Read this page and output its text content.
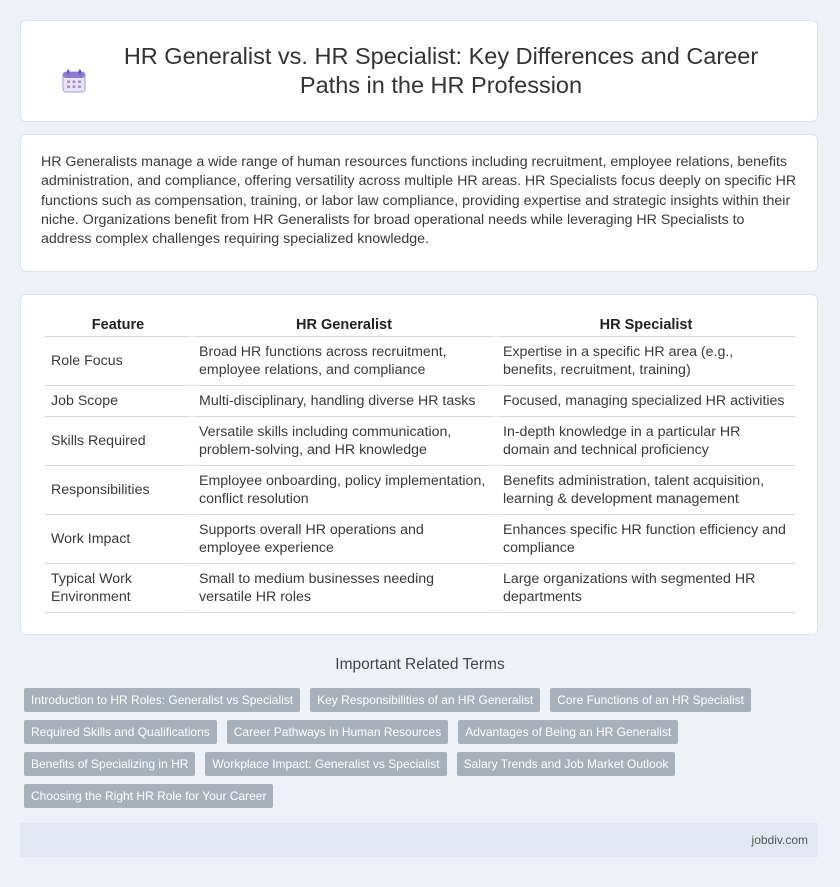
HR Generalist vs. HR Specialist: Key Differences and Career Paths in the HR Profession

HR Generalists manage a wide range of human resources functions including recruitment, employee relations, benefits administration, and compliance, offering versatility across multiple HR areas. HR Specialists focus deeply on specific HR functions such as compensation, training, or labor law compliance, providing expertise and strategic insights within their niche. Organizations benefit from HR Generalists for broad operational needs while leveraging HR Specialists to address complex challenges requiring specialized knowledge.

Feature	HR Generalist	HR Specialist
Role Focus	Broad HR functions across recruitment, employee relations, and compliance	Expertise in a specific HR area (e.g., benefits, recruitment, training)
Job Scope	Multi-disciplinary, handling diverse HR tasks	Focused, managing specialized HR activities
Skills Required	Versatile skills including communication, problem-solving, and HR knowledge	In-depth knowledge in a particular HR domain and technical proficiency
Responsibilities	Employee onboarding, policy implementation, conflict resolution	Benefits administration, talent acquisition, learning & development management
Work Impact	Supports overall HR operations and employee experience	Enhances specific HR function efficiency and compliance
Typical Work Environment	Small to medium businesses needing versatile HR roles	Large organizations with segmented HR departments
Important Related Terms
Introduction to HR Roles: Generalist vs Specialist	Key Responsibilities of an HR Generalist	Core Functions of an HR Specialist
Required Skills and Qualifications	Career Pathways in Human Resources	Advantages of Being an HR Generalist
Benefits of Specializing in HR	Workplace Impact: Generalist vs Specialist	Salary Trends and Job Market Outlook
Choosing the Right HR Role for Your Career
jobdiv.com
